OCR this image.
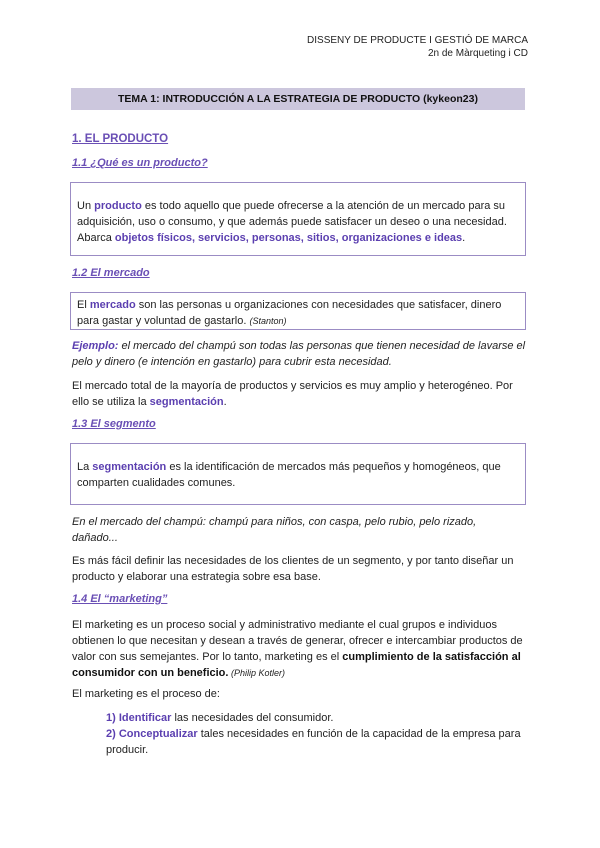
DISSENY DE PRODUCTE I GESTIÓ DE MARCA
2n de Màrqueting i CD
TEMA 1: INTRODUCCIÓN A LA ESTRATEGIA DE PRODUCTO (kykeon23)
1. EL PRODUCTO
1.1 ¿Qué es un producto?
Un producto es todo aquello que puede ofrecerse a la atención de un mercado para su adquisición, uso o consumo, y que además puede satisfacer un deseo o una necesidad. Abarca objetos físicos, servicios, personas, sitios, organizaciones e ideas.
1.2 El mercado
El mercado son las personas u organizaciones con necesidades que satisfacer, dinero para gastar y voluntad de gastarlo. (Stanton)
Ejemplo: el mercado del champú son todas las personas que tienen necesidad de lavarse el pelo y dinero (e intención en gastarlo) para cubrir esta necesidad.
El mercado total de la mayoría de productos y servicios es muy amplio y heterogéneo. Por ello se utiliza la segmentación.
1.3 El segmento
La segmentación es la identificación de mercados más pequeños y homogéneos, que comparten cualidades comunes.
En el mercado del champú: champú para niños, con caspa, pelo rubio, pelo rizado, dañado...
Es más fácil definir las necesidades de los clientes de un segmento, y por tanto diseñar un producto y elaborar una estrategia sobre esa base.
1.4 El “marketing”
El marketing es un proceso social y administrativo mediante el cual grupos e individuos obtienen lo que necesitan y desean a través de generar, ofrecer e intercambiar productos de valor con sus semejantes. Por lo tanto, marketing es el cumplimiento de la satisfacción al consumidor con un beneficio. (Philip Kotler)
El marketing es el proceso de:
1) Identificar las necesidades del consumidor.
2) Conceptualizar tales necesidades en función de la capacidad de la empresa para producir.
